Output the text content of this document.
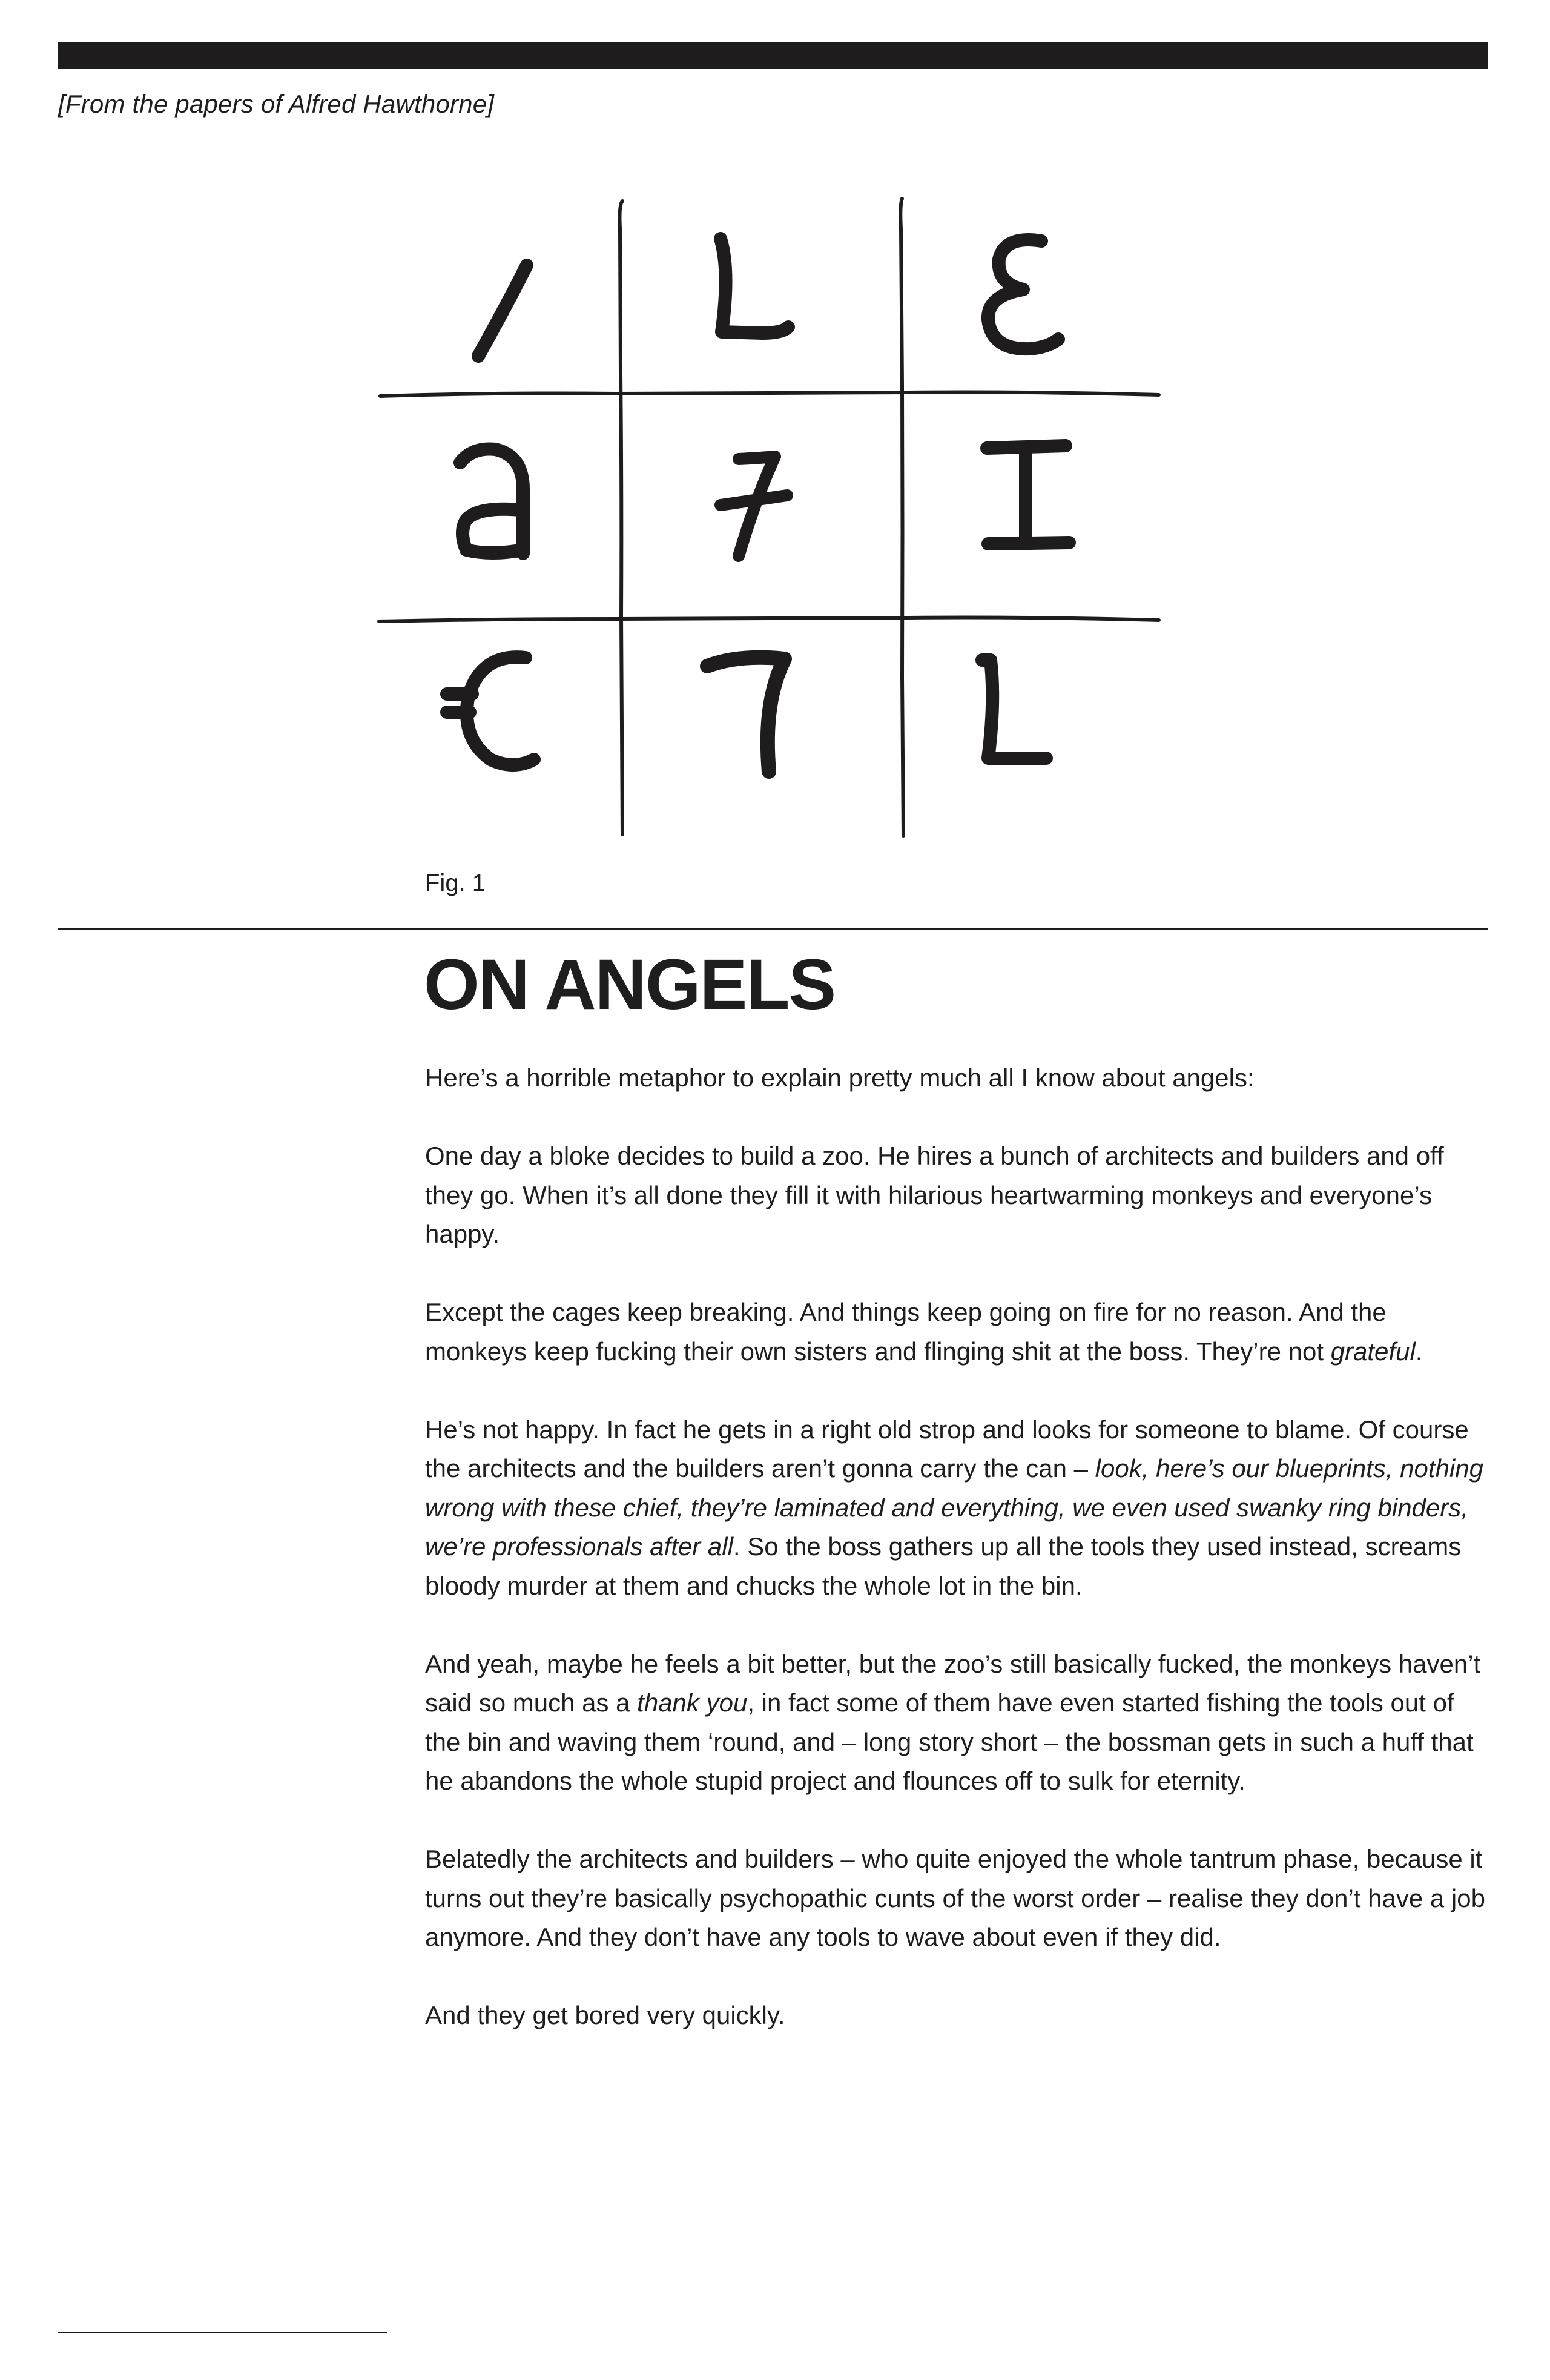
[From the papers of Alfred Hawthorne]
Fig. 1
ON ANGELS

Here’s a horrible metaphor to explain pretty much all I know about angels:

One day a bloke decides to build a zoo. He hires a bunch of architects and builders and off they go. When it’s all done they fill it with hilarious heartwarming monkeys and everyone’s happy.

Except the cages keep breaking. And things keep going on fire for no reason. And the monkeys keep fucking their own sisters and flinging shit at the boss. They’re not grateful.

He’s not happy. In fact he gets in a right old strop and looks for someone to blame. Of course the architects and the builders aren’t gonna carry the can – look, here’s our blueprints, nothing wrong with these chief, they’re laminated and everything, we even used swanky ring binders, we’re professionals after all. So the boss gathers up all the tools they used instead, screams bloody murder at them and chucks the whole lot in the bin.

And yeah, maybe he feels a bit better, but the zoo’s still basically fucked, the monkeys haven’t said so much as a thank you, in fact some of them have even started fishing the tools out of the bin and waving them ‘round, and – long story short – the bossman gets in such a huff that he abandons the whole stupid project and flounces off to sulk for eternity.

Belatedly the architects and builders – who quite enjoyed the whole tantrum phase, because it turns out they’re basically psychopathic cunts of the worst order – realise they don’t have a job anymore. And they don’t have any tools to wave about even if they did.

And they get bored very quickly.
